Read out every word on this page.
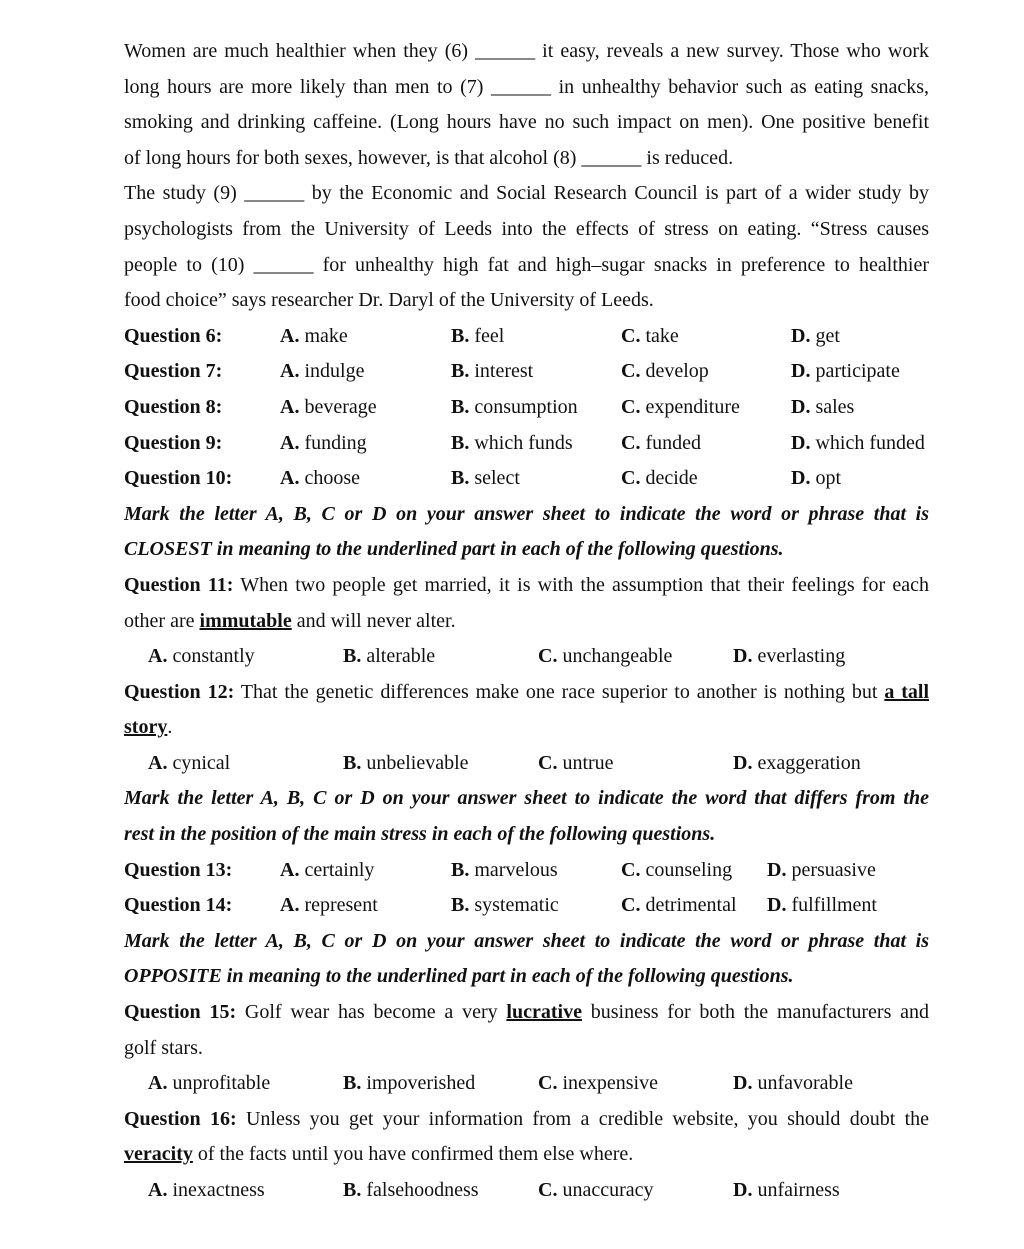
Women are much healthier when they (6) ______ it easy, reveals a new survey. Those who work
long hours are more likely than men to (7) ______ in unhealthy behavior such as eating snacks,
smoking and drinking caffeine. (Long hours have no such impact on men). One positive benefit
of long hours for both sexes, however, is that alcohol (8) ______ is reduced.
The study (9) ______ by the Economic and Social Research Council is part of a wider study by
psychologists from the University of Leeds into the effects of stress on eating. “Stress causes
people to (10) ______ for unhealthy high fat and high–sugar snacks in preference to healthier
food choice” says researcher Dr. Daryl of the University of Leeds.
Question 6:	A. make	B. feel	C. take	D. get
Question 7:	A. indulge	B. interest	C. develop	D. participate
Question 8:	A. beverage	B. consumption C. expenditure	D. sales
Question 9:	A. funding	B. which funds C. funded	D. which funded
Question 10: A. choose	B. select	C. decide	D. opt
Mark the letter A, B, C or D on your answer sheet to indicate the word or phrase that is
CLOSEST in meaning to the underlined part in each of the following questions.
Question 11: When two people get married, it is with the assumption that their feelings for each
other are immutable and will never alter.
A. constantly	B. alterable	C. unchangeable	D. everlasting
Question 12: That the genetic differences make one race superior to another is nothing but a tall
story.
A. cynical	B. unbelievable	C. untrue	D. exaggeration
Mark the letter A, B, C or D on your answer sheet to indicate the word that differs from the
rest in the position of the main stress in each of the following questions.
Question 13: A. certainly	B. marvelous	C. counseling D. persuasive
Question 14: A. represent	B. systematic	C. detrimental D. fulfillment
Mark the letter A, B, C or D on your answer sheet to indicate the word or phrase that is
OPPOSITE in meaning to the underlined part in each of the following questions.
Question 15: Golf wear has become a very lucrative business for both the manufacturers and
golf stars.
A. unprofitable	B. impoverished	C. inexpensive	D. unfavorable
Question 16: Unless you get your information from a credible website, you should doubt the
veracity of the facts until you have confirmed them else where.
A. inexactness	B. falsehoodness	C. unaccuracy	D. unfairness
